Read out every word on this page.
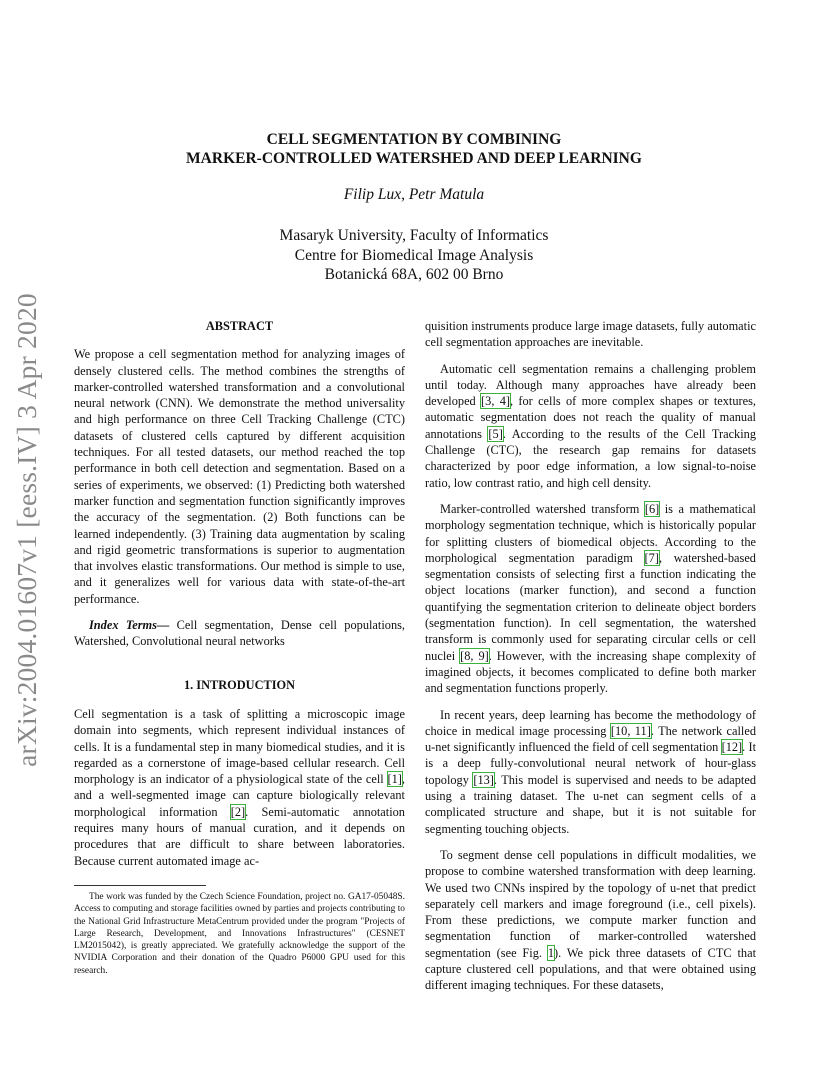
arXiv:2004.01607v1 [eess.IV] 3 Apr 2020
CELL SEGMENTATION BY COMBINING
MARKER-CONTROLLED WATERSHED AND DEEP LEARNING
Filip Lux, Petr Matula
Masaryk University, Faculty of Informatics
Centre for Biomedical Image Analysis
Botanická 68A, 602 00 Brno
ABSTRACT

We propose a cell segmentation method for analyzing images of densely clustered cells. The method combines the strengths of marker-controlled watershed transformation and a convolutional neural network (CNN). We demonstrate the method universality and high performance on three Cell Tracking Challenge (CTC) datasets of clustered cells captured by different acquisition techniques. For all tested datasets, our method reached the top performance in both cell detection and segmentation. Based on a series of experiments, we observed: (1) Predicting both watershed marker function and segmentation function significantly improves the accuracy of the segmentation. (2) Both functions can be learned independently. (3) Training data augmentation by scaling and rigid geometric transformations is superior to augmentation that involves elastic transformations. Our method is simple to use, and it generalizes well for various data with state-of-the-art performance.

Index Terms— Cell segmentation, Dense cell populations, Watershed, Convolutional neural networks

1. INTRODUCTION

Cell segmentation is a task of splitting a microscopic image domain into segments, which represent individual instances of cells. It is a fundamental step in many biomedical studies, and it is regarded as a cornerstone of image-based cellular research. Cell morphology is an indicator of a physiological state of the cell [1], and a well-segmented image can capture biologically relevant morphological information [2]. Semi-automatic annotation requires many hours of manual curation, and it depends on procedures that are difficult to share between laboratories. Because current automated image ac-

The work was funded by the Czech Science Foundation, project no. GA17-05048S. Access to computing and storage facilities owned by parties and projects contributing to the National Grid Infrastructure MetaCentrum provided under the program "Projects of Large Research, Development, and Innovations Infrastructures" (CESNET LM2015042), is greatly appreciated. We gratefully acknowledge the support of the NVIDIA Corporation and their donation of the Quadro P6000 GPU used for this research.

quisition instruments produce large image datasets, fully automatic cell segmentation approaches are inevitable.

Automatic cell segmentation remains a challenging problem until today. Although many approaches have already been developed [3, 4], for cells of more complex shapes or textures, automatic segmentation does not reach the quality of manual annotations [5]. According to the results of the Cell Tracking Challenge (CTC), the research gap remains for datasets characterized by poor edge information, a low signal-to-noise ratio, low contrast ratio, and high cell density.

Marker-controlled watershed transform [6] is a mathematical morphology segmentation technique, which is historically popular for splitting clusters of biomedical objects. According to the morphological segmentation paradigm [7], watershed-based segmentation consists of selecting first a function indicating the object locations (marker function), and second a function quantifying the segmentation criterion to delineate object borders (segmentation function). In cell segmentation, the watershed transform is commonly used for separating circular cells or cell nuclei [8, 9]. However, with the increasing shape complexity of imagined objects, it becomes complicated to define both marker and segmentation functions properly.

In recent years, deep learning has become the methodology of choice in medical image processing [10, 11]. The network called u-net significantly influenced the field of cell segmentation [12]. It is a deep fully-convolutional neural network of hour-glass topology [13]. This model is supervised and needs to be adapted using a training dataset. The u-net can segment cells of a complicated structure and shape, but it is not suitable for segmenting touching objects.

To segment dense cell populations in difficult modalities, we propose to combine watershed transformation with deep learning. We used two CNNs inspired by the topology of u-net that predict separately cell markers and image foreground (i.e., cell pixels). From these predictions, we compute marker function and segmentation function of marker-controlled watershed segmentation (see Fig. 1). We pick three datasets of CTC that capture clustered cell populations, and that were obtained using different imaging techniques. For these datasets,
